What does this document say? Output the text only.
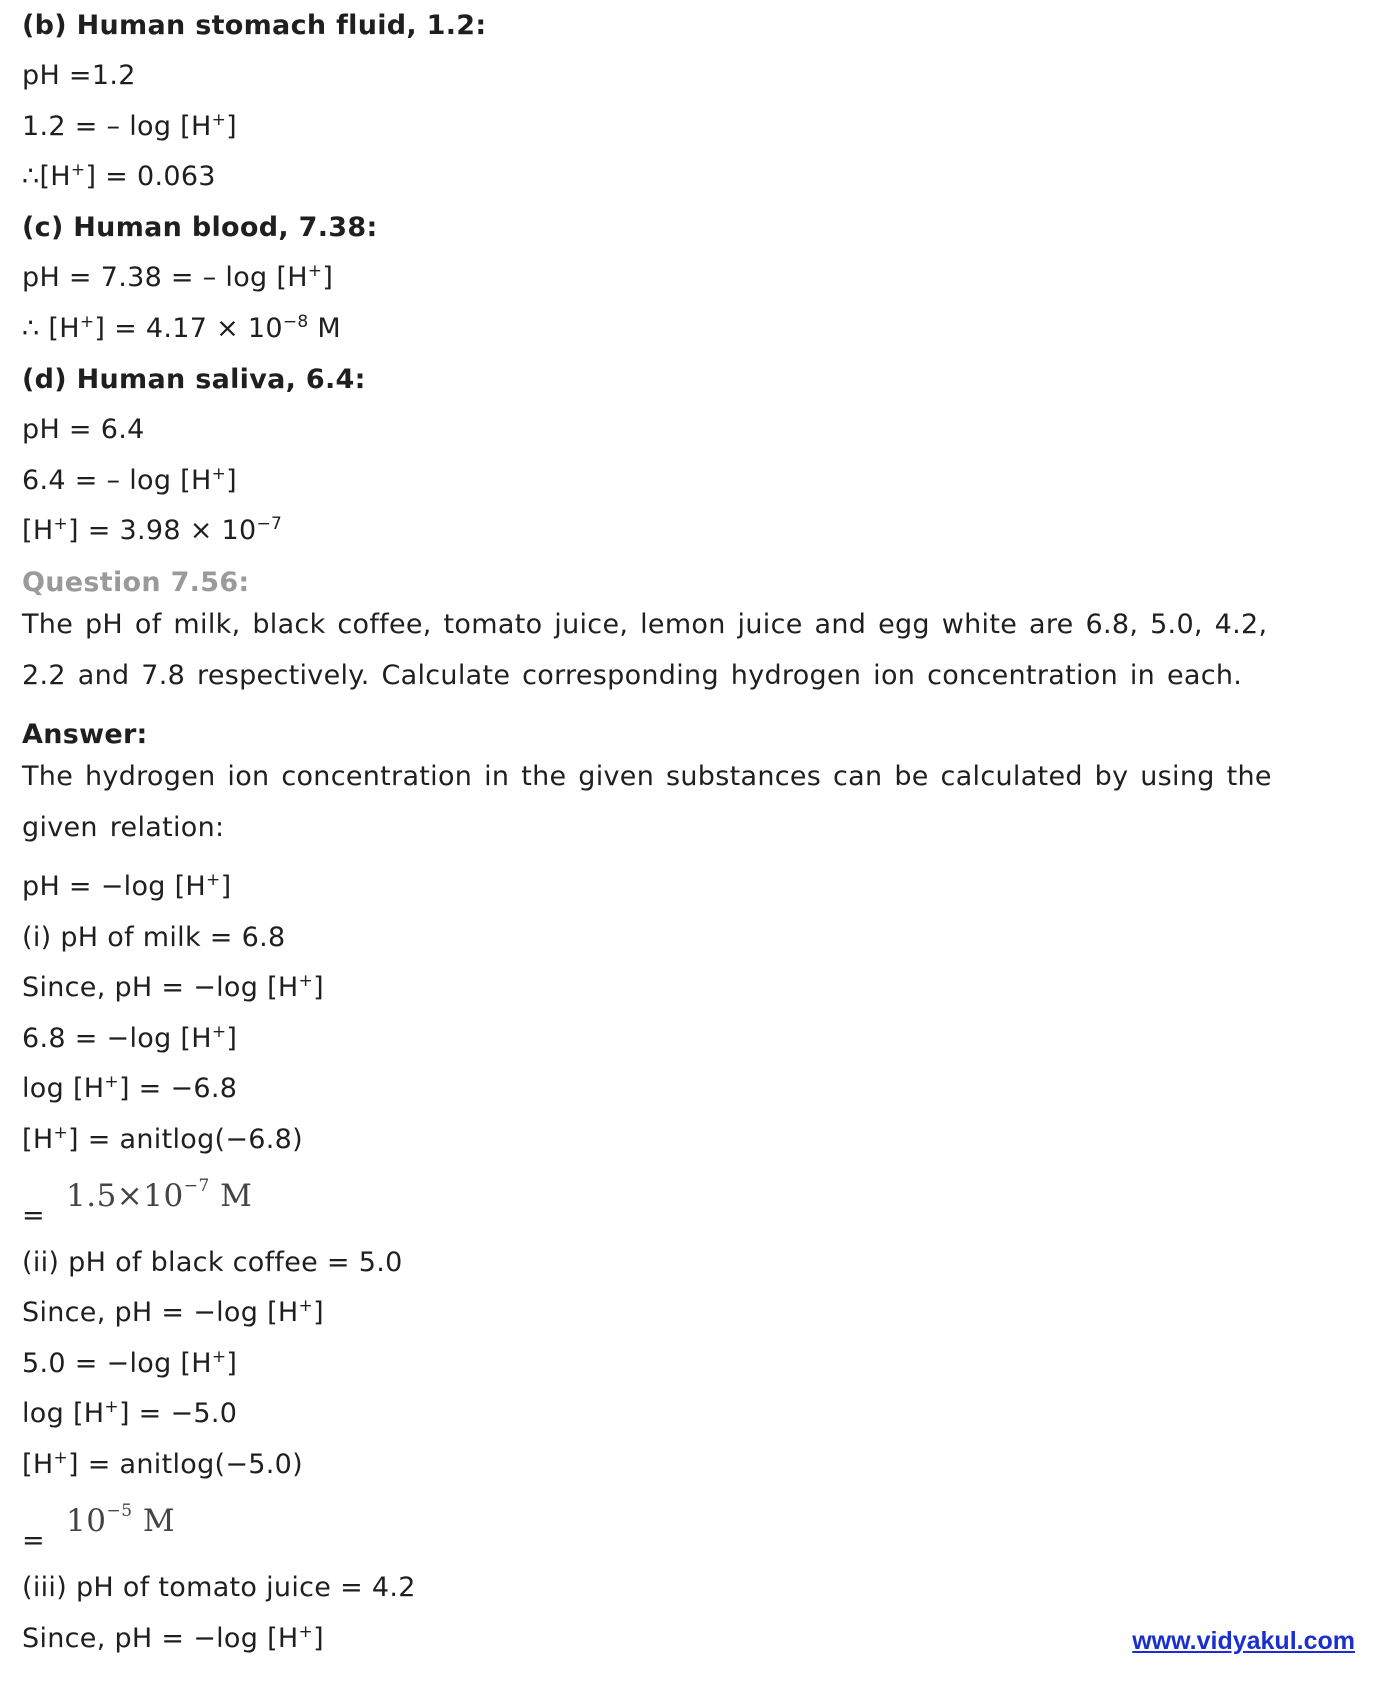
(b) Human stomach fluid, 1.2:
pH =1.2
1.2 = – log [H+]
∴[H+] = 0.063
(c) Human blood, 7.38:
pH = 7.38 = – log [H+]
∴ $[H^+] = 4.17 \times 10^{-8}$ M
(d) Human saliva, 6.4:
pH = 6.4
6.4 = – log [H+]
$[H^+] = 3.98 \times 10^{-7}$
Question 7.56:
The pH of milk, black coffee, tomato juice, lemon juice and egg white are 6.8, 5.0, 4.2, 2.2 and 7.8 respectively. Calculate corresponding hydrogen ion concentration in each.
Answer:
The hydrogen ion concentration in the given substances can be calculated by using the given relation:
pH = −log [H+]
(i) pH of milk = 6.8
Since, pH = −log [H+]
6.8 = −log [H+]
log [H+] = −6.8
[H+] = anitlog(−6.8)
=
$1.5\times 10^{-7}$ M
(ii) pH of black coffee = 5.0
Since, pH = −log [H+]
5.0 = −log [H+]
log [H+] = −5.0
[H+] = anitlog(−5.0)
=
$10^{-5}$ M
(iii) pH of tomato juice = 4.2
Since, pH = −log [H+]	www.vidyakul.com
